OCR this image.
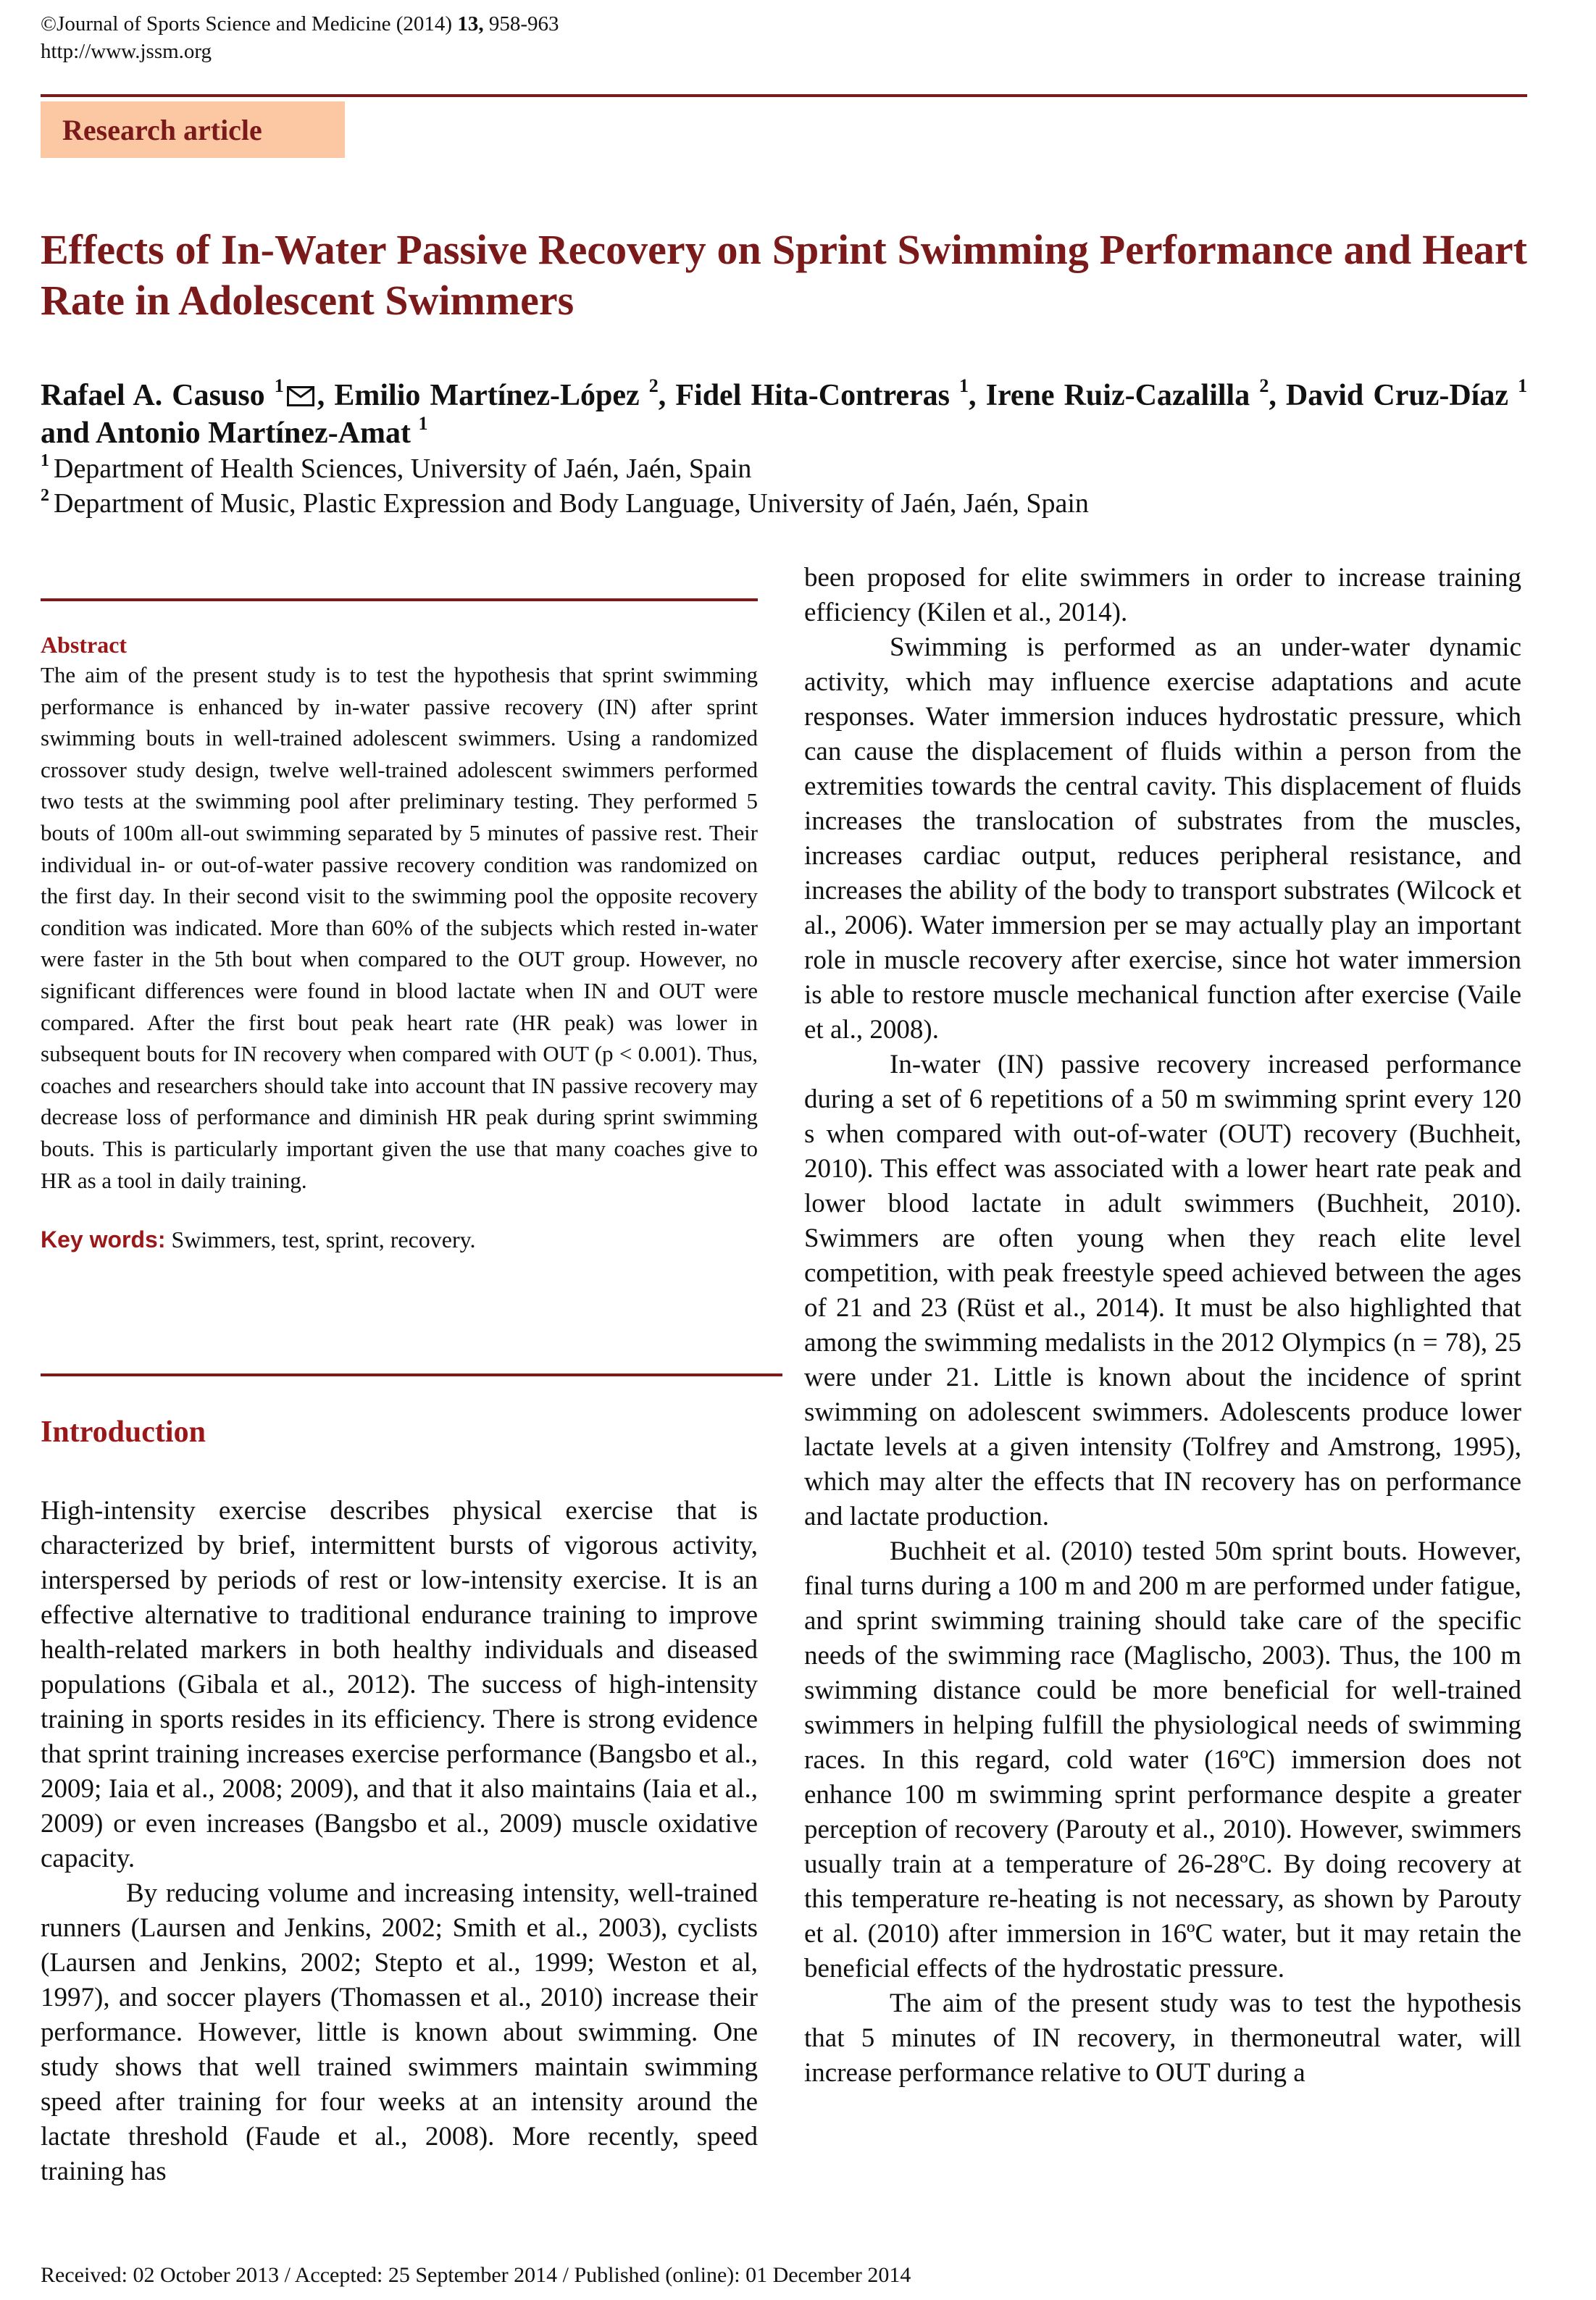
©Journal of Sports Science and Medicine (2014) 13, 958-963
http://www.jssm.org
Research article
Effects of In-Water Passive Recovery on Sprint Swimming Performance and Heart Rate in Adolescent Swimmers
Rafael A. Casuso $^1$ , Emilio Martínez-López $^2$, Fidel Hita-Contreras $^1$, Irene Ruiz-Cazalilla $^2$, David Cruz-Díaz $^1$ and Antonio Martínez-Amat $^1$
$^1$ Department of Health Sciences, University of Jaén, Jaén, Spain
$^2$ Department of Music, Plastic Expression and Body Language, University of Jaén, Jaén, Spain
Abstract

The aim of the present study is to test the hypothesis that sprint swimming performance is enhanced by in-water passive recovery (IN) after sprint swimming bouts in well-trained adolescent swimmers. Using a randomized crossover study design, twelve well-trained adolescent swimmers performed two tests at the swimming pool after preliminary testing. They performed 5 bouts of 100m all-out swimming separated by 5 minutes of passive rest. Their individual in- or out-of-water passive recovery condition was randomized on the first day. In their second visit to the swimming pool the opposite recovery condition was indicated. More than 60% of the subjects which rested in-water were faster in the 5th bout when compared to the OUT group. However, no significant differences were found in blood lactate when IN and OUT were compared. After the first bout peak heart rate (HR peak) was lower in subsequent bouts for IN recovery when compared with OUT (p < 0.001). Thus, coaches and researchers should take into account that IN passive recovery may decrease loss of performance and diminish HR peak during sprint swimming bouts. This is particularly important given the use that many coaches give to HR as a tool in daily training.

Key words: Swimmers, test, sprint, recovery.
Introduction

High-intensity exercise describes physical exercise that is characterized by brief, intermittent bursts of vigorous activity, interspersed by periods of rest or low-intensity exercise. It is an effective alternative to traditional endurance training to improve health-related markers in both healthy individuals and diseased populations (Gibala et al., 2012). The success of high-intensity training in sports resides in its efficiency. There is strong evidence that sprint training increases exercise performance (Bangsbo et al., 2009; Iaia et al., 2008; 2009), and that it also maintains (Iaia et al., 2009) or even increases (Bangsbo et al., 2009) muscle oxidative capacity.

By reducing volume and increasing intensity, well-trained runners (Laursen and Jenkins, 2002; Smith et al., 2003), cyclists (Laursen and Jenkins, 2002; Stepto et al., 1999; Weston et al, 1997), and soccer players (Thomassen et al., 2010) increase their performance. However, little is known about swimming. One study shows that well trained swimmers maintain swimming speed after training for four weeks at an intensity around the lactate threshold (Faude et al., 2008). More recently, speed training has

been proposed for elite swimmers in order to increase training efficiency (Kilen et al., 2014).

Swimming is performed as an under-water dynamic activity, which may influence exercise adaptations and acute responses. Water immersion induces hydrostatic pressure, which can cause the displacement of fluids within a person from the extremities towards the central cavity. This displacement of fluids increases the translocation of substrates from the muscles, increases cardiac output, reduces peripheral resistance, and increases the ability of the body to transport substrates (Wilcock et al., 2006). Water immersion per se may actually play an important role in muscle recovery after exercise, since hot water immersion is able to restore muscle mechanical function after exercise (Vaile et al., 2008).

In-water (IN) passive recovery increased performance during a set of 6 repetitions of a 50 m swimming sprint every 120 s when compared with out-of-water (OUT) recovery (Buchheit, 2010). This effect was associated with a lower heart rate peak and lower blood lactate in adult swimmers (Buchheit, 2010). Swimmers are often young when they reach elite level competition, with peak freestyle speed achieved between the ages of 21 and 23 (Rüst et al., 2014). It must be also highlighted that among the swimming medalists in the 2012 Olympics (n = 78), 25 were under 21. Little is known about the incidence of sprint swimming on adolescent swimmers. Adolescents produce lower lactate levels at a given intensity (Tolfrey and Amstrong, 1995), which may alter the effects that IN recovery has on performance and lactate production.

Buchheit et al. (2010) tested 50m sprint bouts. However, final turns during a 100 m and 200 m are performed under fatigue, and sprint swimming training should take care of the specific needs of the swimming race (Maglischo, 2003). Thus, the 100 m swimming distance could be more beneficial for well-trained swimmers in helping fulfill the physiological needs of swimming races. In this regard, cold water (16ºC) immersion does not enhance 100 m swimming sprint performance despite a greater perception of recovery (Parouty et al., 2010). However, swimmers usually train at a temperature of 26-28ºC. By doing recovery at this temperature re-heating is not necessary, as shown by Parouty et al. (2010) after immersion in 16ºC water, but it may retain the beneficial effects of the hydrostatic pressure.

The aim of the present study was to test the hypothesis that 5 minutes of IN recovery, in thermoneutral water, will increase performance relative to OUT during a

Received: 02 October 2013 / Accepted: 25 September 2014 / Published (online): 01 December 2014
